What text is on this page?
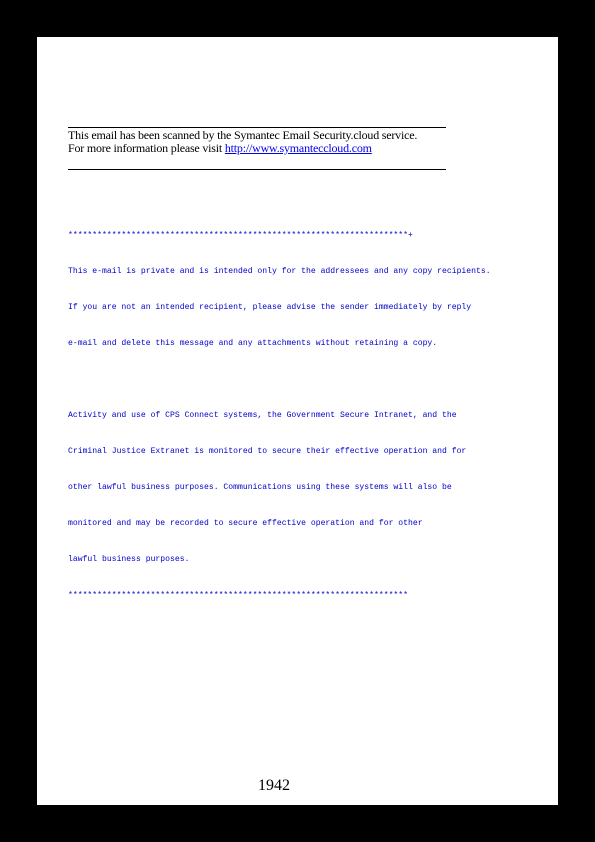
This email has been scanned by the Symantec Email Security.cloud service.
For more information please visit http://www.symanteccloud.com

**********************************************************************+

This e-mail is private and is intended only for the addressees and any copy recipients.

If you are not an intended recipient, please advise the sender immediately by reply

e-mail and delete this message and any attachments without retaining a copy.

Activity and use of CPS Connect systems, the Government Secure Intranet, and the

Criminal Justice Extranet is monitored to secure their effective operation and for

other lawful business purposes. Communications using these systems will also be

monitored and may be recorded to secure effective operation and for other

lawful business purposes.

**********************************************************************

1942
